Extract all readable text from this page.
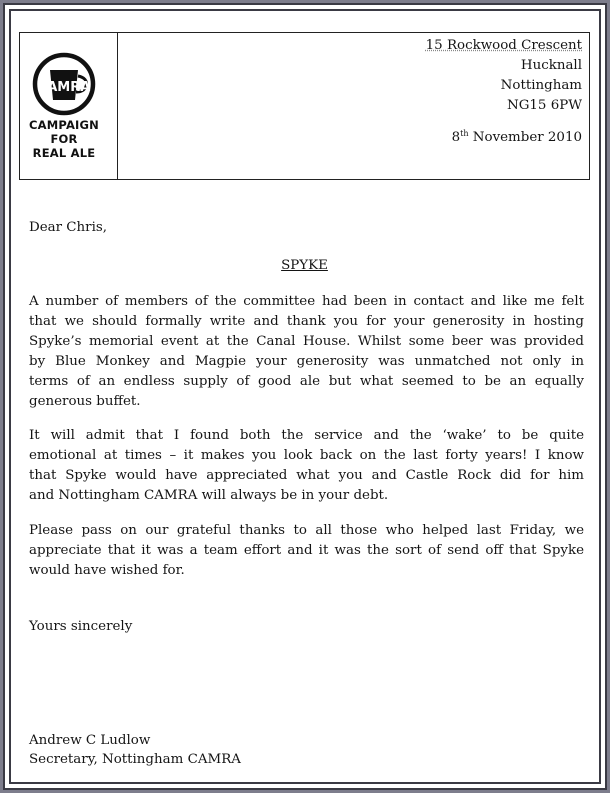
CAMRA
CAMPAIGN
FOR
REAL ALE
15 Rockwood Crescent
Hucknall
Nottingham
NG15 6PW
8th November 2010
Dear Chris,
SPYKE
A number of members of the committee had been in contact and like me felt
that we should formally write and thank you for your generosity in hosting
Spyke’s memorial event at the Canal House. Whilst some beer was provided
by Blue Monkey and Magpie your generosity was unmatched not only in
terms of an endless supply of good ale but what seemed to be an equally
generous buffet.
It will admit that I found both the service and the ‘wake’ to be quite
emotional at times – it makes you look back on the last forty years! I know
that Spyke would have appreciated what you and Castle Rock did for him
and Nottingham CAMRA will always be in your debt.
Please pass on our grateful thanks to all those who helped last Friday, we
appreciate that it was a team effort and it was the sort of send off that Spyke
would have wished for.
Yours sincerely
Andrew C Ludlow
Secretary, Nottingham CAMRA
